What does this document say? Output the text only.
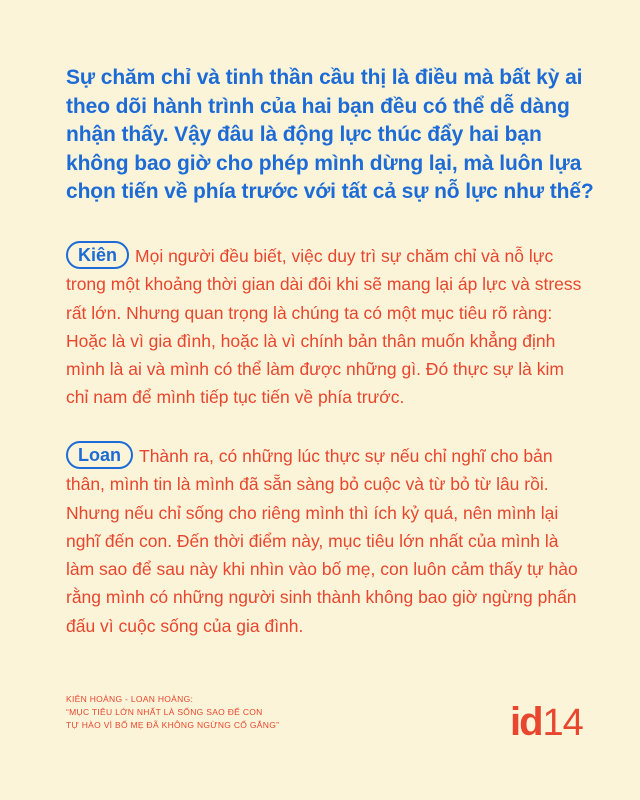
Sự chăm chỉ và tinh thần cầu thị là điều mà bất kỳ ai theo dõi hành trình của hai bạn đều có thể dễ dàng nhận thấy. Vậy đâu là động lực thúc đẩy hai bạn không bao giờ cho phép mình dừng lại, mà luôn lựa chọn tiến về phía trước với tất cả sự nỗ lực như thế?

Kiên Mọi người đều biết, việc duy trì sự chăm chỉ và nỗ lực trong một khoảng thời gian dài đôi khi sẽ mang lại áp lực và stress rất lớn. Nhưng quan trọng là chúng ta có một mục tiêu rõ ràng: Hoặc là vì gia đình, hoặc là vì chính bản thân muốn khẳng định mình là ai và mình có thể làm được những gì. Đó thực sự là kim chỉ nam để mình tiếp tục tiến về phía trước.

Loan Thành ra, có những lúc thực sự nếu chỉ nghĩ cho bản thân, mình tin là mình đã sẵn sàng bỏ cuộc và từ bỏ từ lâu rồi. Nhưng nếu chỉ sống cho riêng mình thì ích kỷ quá, nên mình lại nghĩ đến con. Đến thời điểm này, mục tiêu lớn nhất của mình là làm sao để sau này khi nhìn vào bố mẹ, con luôn cảm thấy tự hào rằng mình có những người sinh thành không bao giờ ngừng phấn đấu vì cuộc sống của gia đình.

KIÊN HOÀNG - LOAN HOÀNG:
“MỤC TIÊU LỚN NHẤT LÀ SỐNG SAO ĐỂ CON
TỰ HÀO VÌ BỐ MẸ ĐÃ KHÔNG NGỪNG CỐ GẮNG”	id 14
